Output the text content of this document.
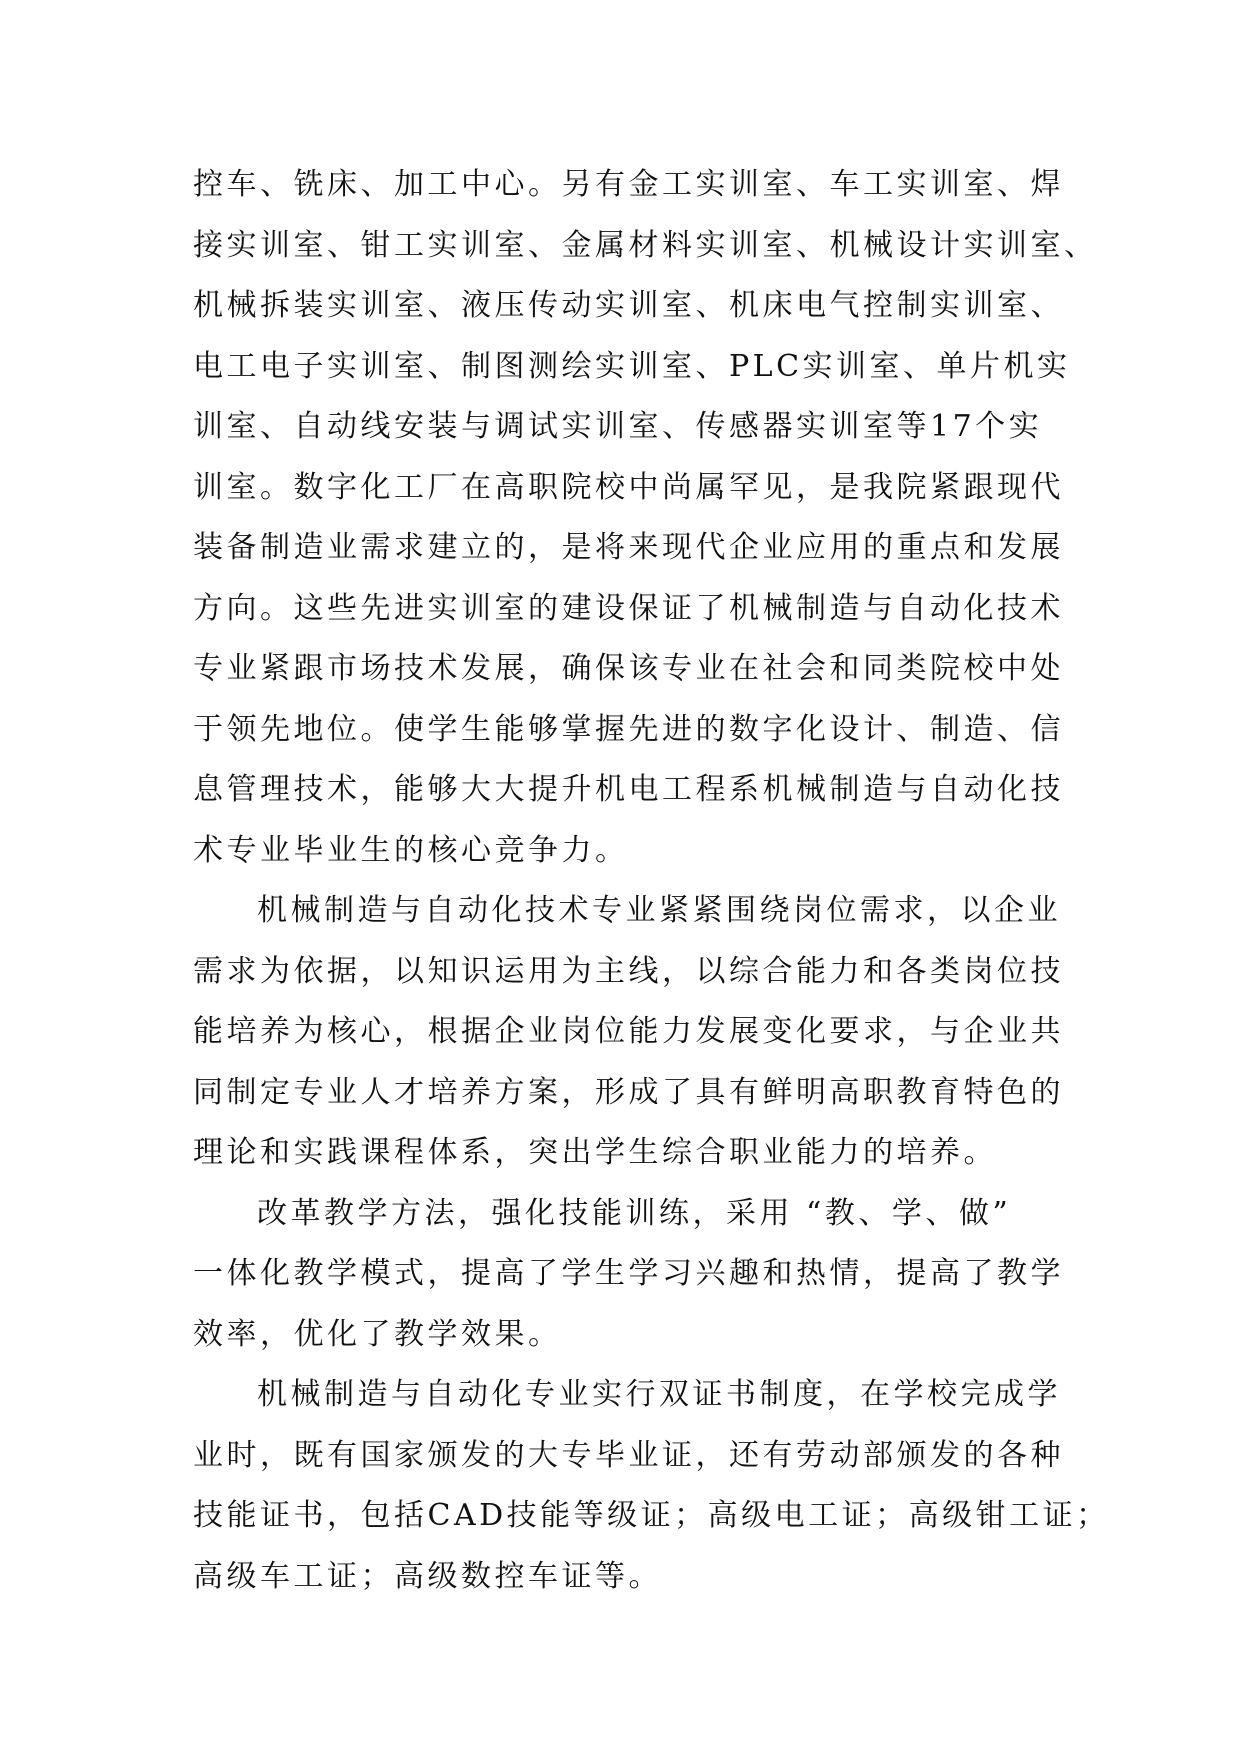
控车、铣床、加工中心。另有金工实训室、车工实训室、焊
接实训室、钳工实训室、金属材料实训室、机械设计实训室、
机械拆装实训室、液压传动实训室、机床电气控制实训室、
电工电子实训室、制图测绘实训室、PLC实训室、单片机实
训室、自动线安装与调试实训室、传感器实训室等17个实
训室。数字化工厂在高职院校中尚属罕见，是我院紧跟现代
装备制造业需求建立的，是将来现代企业应用的重点和发展
方向。这些先进实训室的建设保证了机械制造与自动化技术
专业紧跟市场技术发展，确保该专业在社会和同类院校中处
于领先地位。使学生能够掌握先进的数字化设计、制造、信
息管理技术，能够大大提升机电工程系机械制造与自动化技
术专业毕业生的核心竞争力。
机械制造与自动化技术专业紧紧围绕岗位需求，以企业
需求为依据，以知识运用为主线，以综合能力和各类岗位技
能培养为核心，根据企业岗位能力发展变化要求，与企业共
同制定专业人才培养方案，形成了具有鲜明高职教育特色的
理论和实践课程体系，突出学生综合职业能力的培养。
改革教学方法，强化技能训练，采用 “教、学、做”
一体化教学模式，提高了学生学习兴趣和热情，提高了教学
效率，优化了教学效果。
机械制造与自动化专业实行双证书制度，在学校完成学
业时，既有国家颁发的大专毕业证，还有劳动部颁发的各种
技能证书，包括CAD技能等级证；高级电工证；高级钳工证；
高级车工证；高级数控车证等。
